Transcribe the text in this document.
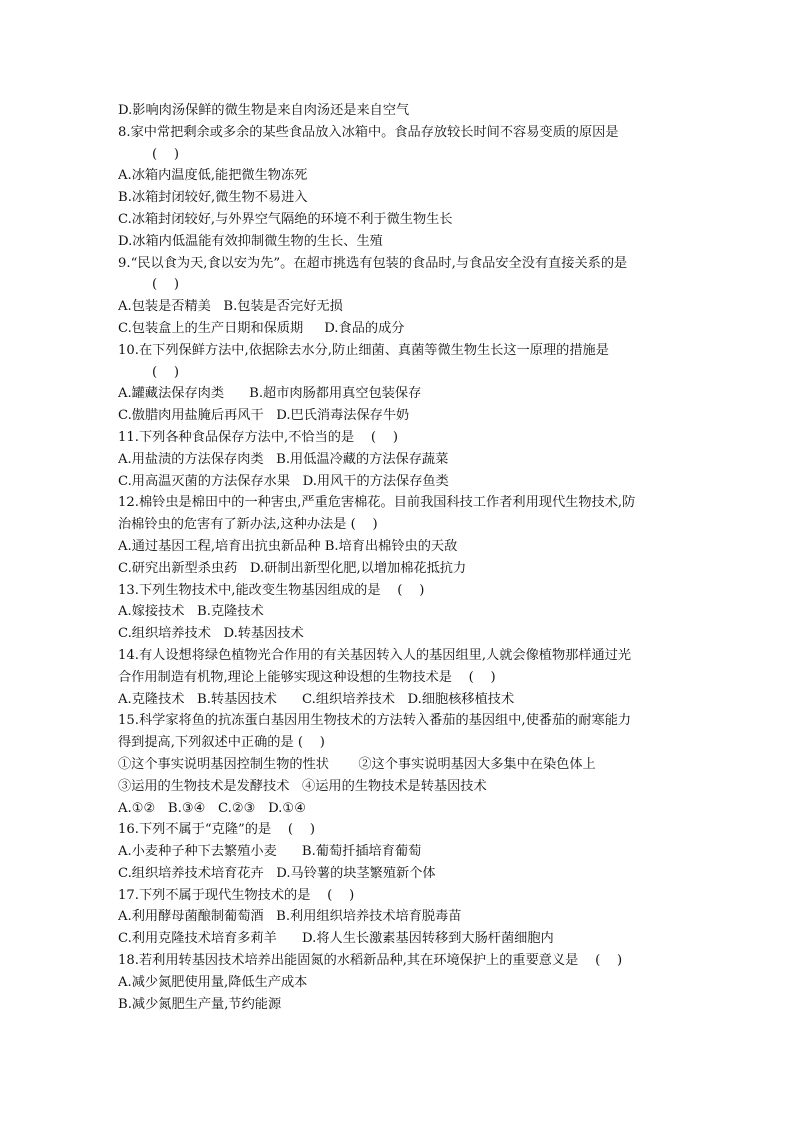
D.影响肉汤保鲜的微生物是来自肉汤还是来自空气
8.家中常把剩余或多余的某些食品放入冰箱中。食品存放较长时间不容易变质的原因是
(    )
A.冰箱内温度低,能把微生物冻死
B.冰箱封闭较好,微生物不易进入
C.冰箱封闭较好,与外界空气隔绝的环境不利于微生物生长
D.冰箱内低温能有效抑制微生物的生长、生殖
9.“民以食为天,食以安为先”。在超市挑选有包装的食品时,与食品安全没有直接关系的是
(    )
A.包装是否精美   B.包装是否完好无损
C.包装盒上的生产日期和保质期     D.食品的成分
10.在下列保鲜方法中,依据除去水分,防止细菌、真菌等微生物生长这一原理的措施是
(    )
A.罐藏法保存肉类      B.超市肉肠都用真空包装保存
C.傲腊肉用盐腌后再风干   D.巴氏消毒法保存牛奶
11.下列各种食品保存方法中,不恰当的是    (    )
A.用盐渍的方法保存肉类   B.用低温冷藏的方法保存蔬菜
C.用高温灭菌的方法保存水果   D.用风干的方法保存鱼类
12.棉铃虫是棉田中的一种害虫,严重危害棉花。目前我国科技工作者利用现代生物技术,防
治棉铃虫的危害有了新办法,这种办法是 (    )
A.通过基因工程,培育出抗虫新品种 B.培育出棉铃虫的天敌
C.研究出新型杀虫药   D.研制出新型化肥,以增加棉花抵抗力
13.下列生物技术中,能改变生物基因组成的是    (    )
A.嫁接技术   B.克隆技术
C.组织培养技术   D.转基因技术
14.有人设想将绿色植物光合作用的有关基因转入人的基因组里,人就会像植物那样通过光
合作用制造有机物,理论上能够实现这种设想的生物技术是    (    )
A.克隆技术   B.转基因技术      C.组织培养技术   D.细胞核移植技术
15.科学家将鱼的抗冻蛋白基因用生物技术的方法转入番茄的基因组中,使番茄的耐寒能力
得到提高,下列叙述中正确的是 (    )
①这个事实说明基因控制生物的性状       ②这个事实说明基因大多集中在染色体上
③运用的生物技术是发酵技术   ④运用的生物技术是转基因技术
A.①②   B.③④   C.②③   D.①④
16.下列不属于“克隆”的是    (    )
A.小麦种子种下去繁殖小麦      B.葡萄扦插培育葡萄
C.组织培养技术培育花卉   D.马铃薯的块茎繁殖新个体
17.下列不属于现代生物技术的是    (    )
A.利用酵母菌酿制葡萄酒   B.利用组织培养技术培育脱毒苗
C.利用克隆技术培育多莉羊      D.将人生长激素基因转移到大肠杆菌细胞内
18.若利用转基因技术培养出能固氮的水稻新品种,其在环境保护上的重要意义是    (    )
A.减少氮肥使用量,降低生产成本
B.减少氮肥生产量,节约能源
